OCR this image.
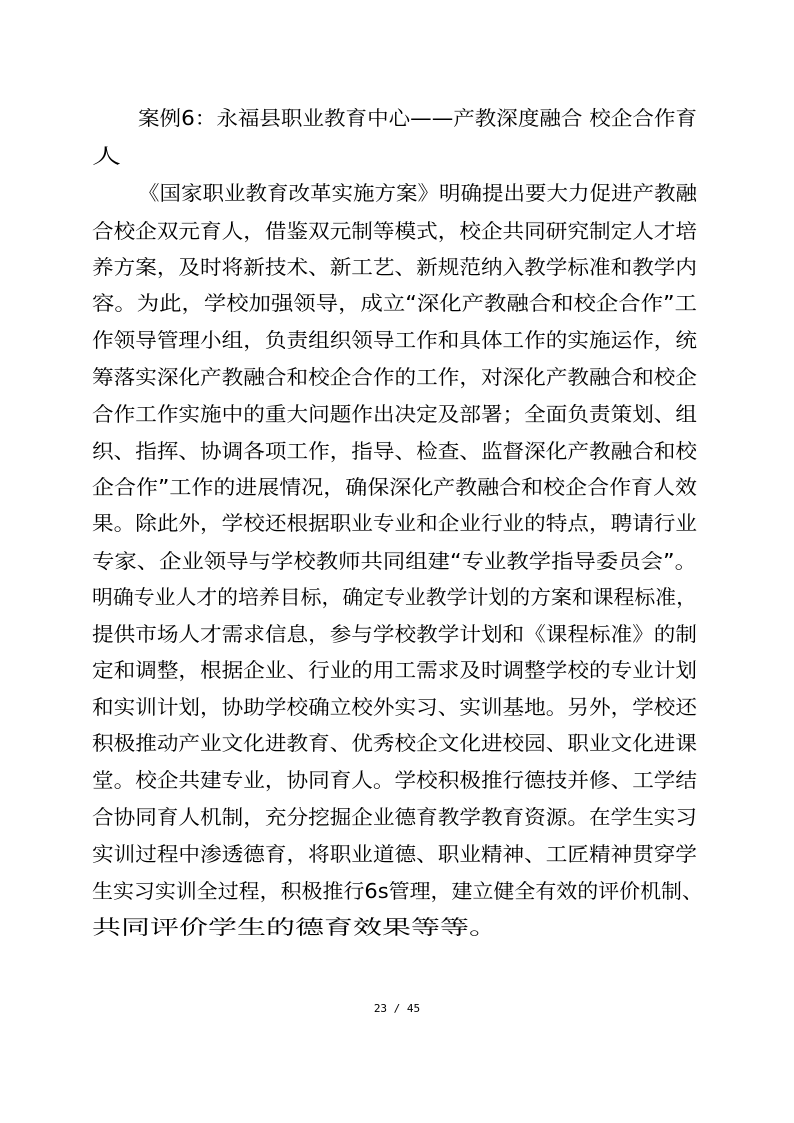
案例6：永福县职业教育中心——产教深度融合 校企合作育
人
《国家职业教育改革实施方案》明确提出要大力促进产教融
合校企双元育人，借鉴双元制等模式，校企共同研究制定人才培
养方案，及时将新技术、新工艺、新规范纳入教学标准和教学内
容。为此，学校加强领导，成立“深化产教融合和校企合作”工
作领导管理小组，负责组织领导工作和具体工作的实施运作，统
筹落实深化产教融合和校企合作的工作，对深化产教融合和校企
合作工作实施中的重大问题作出决定及部署；全面负责策划、组
织、指挥、协调各项工作，指导、检查、监督深化产教融合和校
企合作”工作的进展情况，确保深化产教融合和校企合作育人效
果。除此外，学校还根据职业专业和企业行业的特点，聘请行业
专家、企业领导与学校教师共同组建“专业教学指导委员会”。
明确专业人才的培养目标，确定专业教学计划的方案和课程标准，
提供市场人才需求信息，参与学校教学计划和《课程标准》的制
定和调整，根据企业、行业的用工需求及时调整学校的专业计划
和实训计划，协助学校确立校外实习、实训基地。另外，学校还
积极推动产业文化进教育、优秀校企文化进校园、职业文化进课
堂。校企共建专业，协同育人。学校积极推行德技并修、工学结
合协同育人机制，充分挖掘企业德育教学教育资源。在学生实习
实训过程中渗透德育，将职业道德、职业精神、工匠精神贯穿学
生实习实训全过程，积极推行6s管理，建立健全有效的评价机制、
共同评价学生的德育效果等等。
23 / 45
